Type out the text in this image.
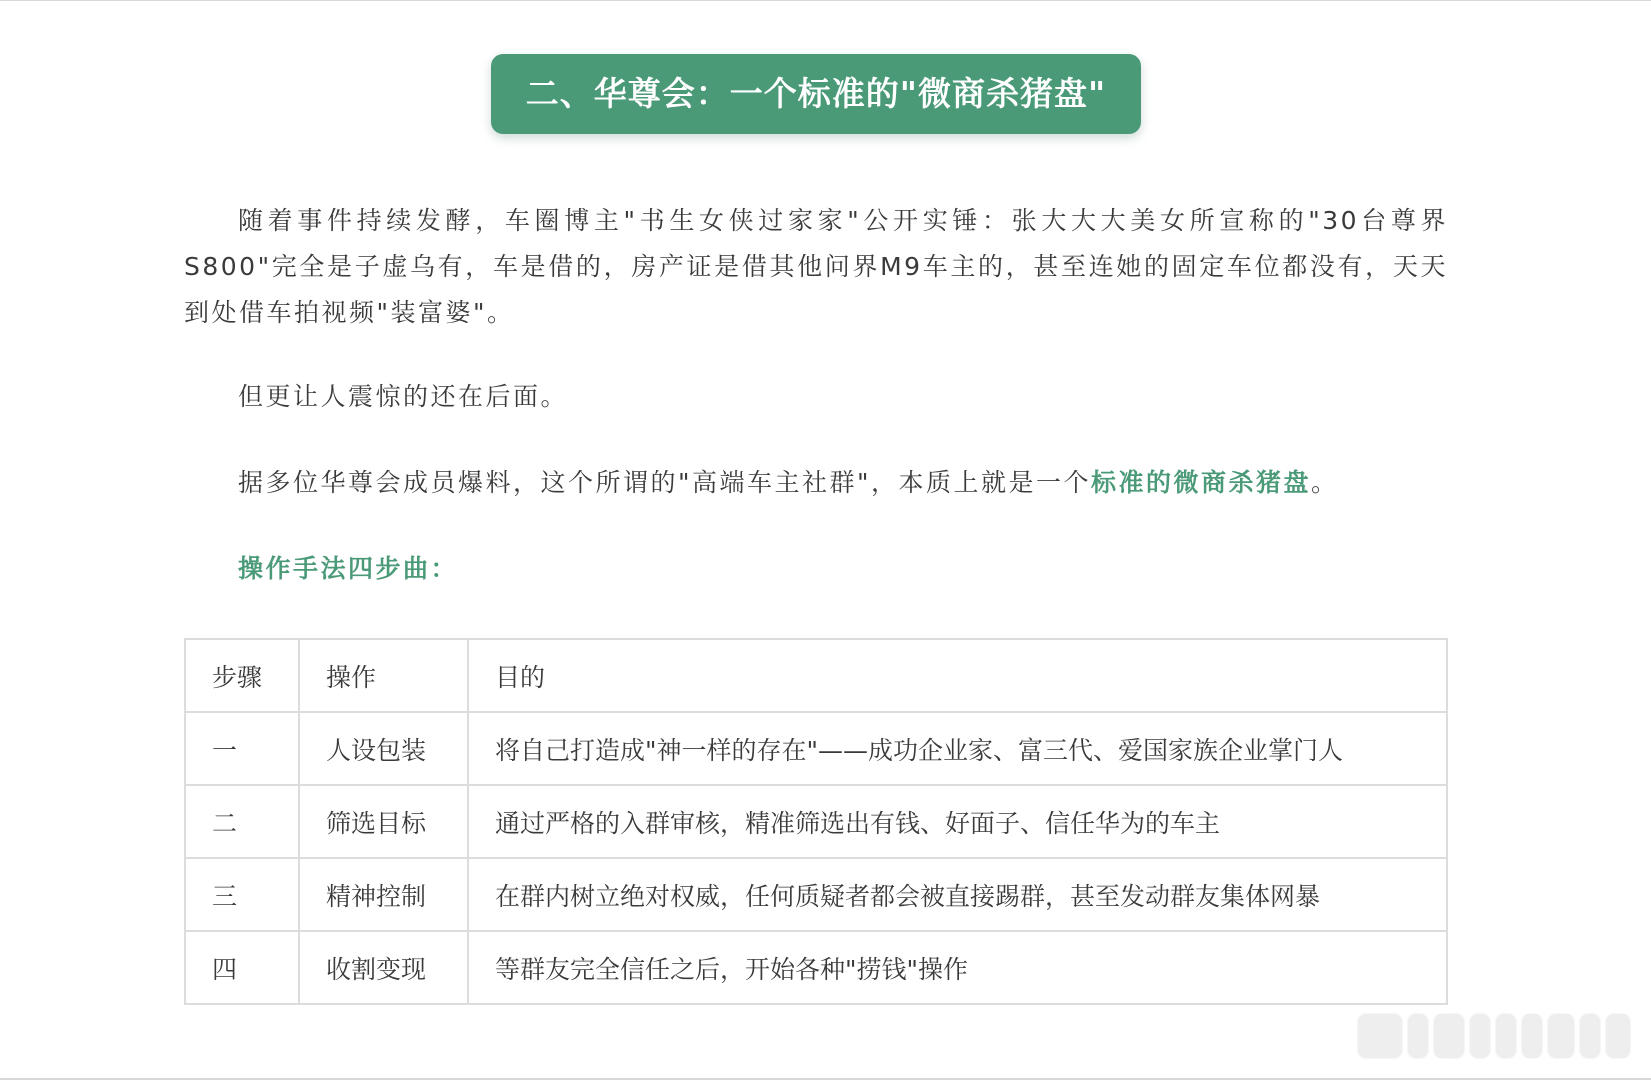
二、华尊会：一个标准的"微商杀猪盘"

随着事件持续发酵，车圈博主"书生女侠过家家"公开实锤：张大大大美女所宣称的"30台尊界S800"完全是子虚乌有，车是借的，房产证是借其他问界M9车主的，甚至连她的固定车位都没有，天天到处借车拍视频"装富婆"。

但更让人震惊的还在后面。

据多位华尊会成员爆料，这个所谓的"高端车主社群"，本质上就是一个标准的微商杀猪盘。

操作手法四步曲：

步骤	操作	目的
一	人设包装	将自己打造成"神一样的存在"——成功企业家、富三代、爱国家族企业掌门人
二	筛选目标	通过严格的入群审核，精准筛选出有钱、好面子、信任华为的车主
三	精神控制	在群内树立绝对权威，任何质疑者都会被直接踢群，甚至发动群友集体网暴
四	收割变现	等群友完全信任之后，开始各种"捞钱"操作
